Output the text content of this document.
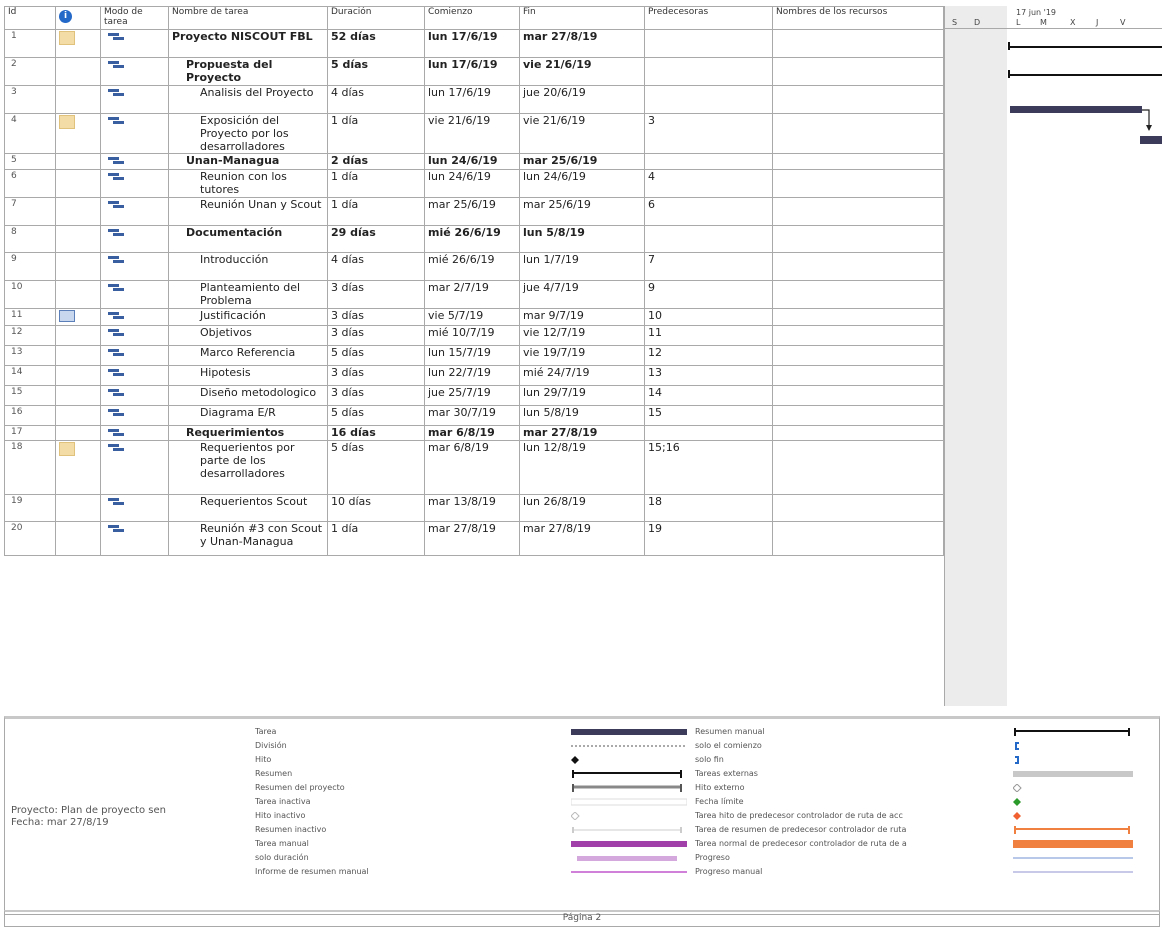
Id	i	Modo de tarea	Nombre de tarea	Duración	Comienzo	Fin	Predecesoras	Nombres de los recursos
1			Proyecto NISCOUT FBL	52 días	lun 17/6/19	mar 27/8/19		
2			Propuesta del Proyecto	5 días	lun 17/6/19	vie 21/6/19		
3			Analisis del Proyecto	4 días	lun 17/6/19	jue 20/6/19		
4			Exposición del Proyecto por los desarrolladores	1 día	vie 21/6/19	vie 21/6/19	3	
5			Unan-Managua	2 días	lun 24/6/19	mar 25/6/19		
6			Reunion con los tutores	1 día	lun 24/6/19	lun 24/6/19	4	
7			Reunión Unan y Scout	1 día	mar 25/6/19	mar 25/6/19	6	
8			Documentación	29 días	mié 26/6/19	lun 5/8/19		
9			Introducción	4 días	mié 26/6/19	lun 1/7/19	7	
10			Planteamiento del Problema	3 días	mar 2/7/19	jue 4/7/19	9	
11			Justificación	3 días	vie 5/7/19	mar 9/7/19	10	
12			Objetivos	3 días	mié 10/7/19	vie 12/7/19	11	
13			Marco Referencia	5 días	lun 15/7/19	vie 19/7/19	12	
14			Hipotesis	3 días	lun 22/7/19	mié 24/7/19	13	
15			Diseño metodologico	3 días	jue 25/7/19	lun 29/7/19	14	
16			Diagrama E/R	5 días	mar 30/7/19	lun 5/8/19	15	
17			Requerimientos	16 días	mar 6/8/19	mar 27/8/19		
18			Requerientos por parte de los desarrolladores	5 días	mar 6/8/19	lun 12/8/19	15;16	
19			Requerientos Scout	10 días	mar 13/8/19	lun 26/8/19	18	
20			Reunión #3 con Scout y Unan-Managua	1 día	mar 27/8/19	mar 27/8/19	19	
17 jun '19
S D	L M	X	J	V
Proyecto: Plan de proyecto sen
Fecha: mar 27/8/19
Tarea
División
Hito
Resumen
Resumen del proyecto
Tarea inactiva
Hito inactivo
Resumen inactivo
Tarea manual
solo duración
Informe de resumen manual
Resumen manual
solo el comienzo
solo fin
Tareas externas
Hito externo
Fecha límite
Tarea hito de predecesor controlador de ruta de acc
Tarea de resumen de predecesor controlador de ruta
Tarea normal de predecesor controlador de ruta de a
Progreso
Progreso manual
Página 2
